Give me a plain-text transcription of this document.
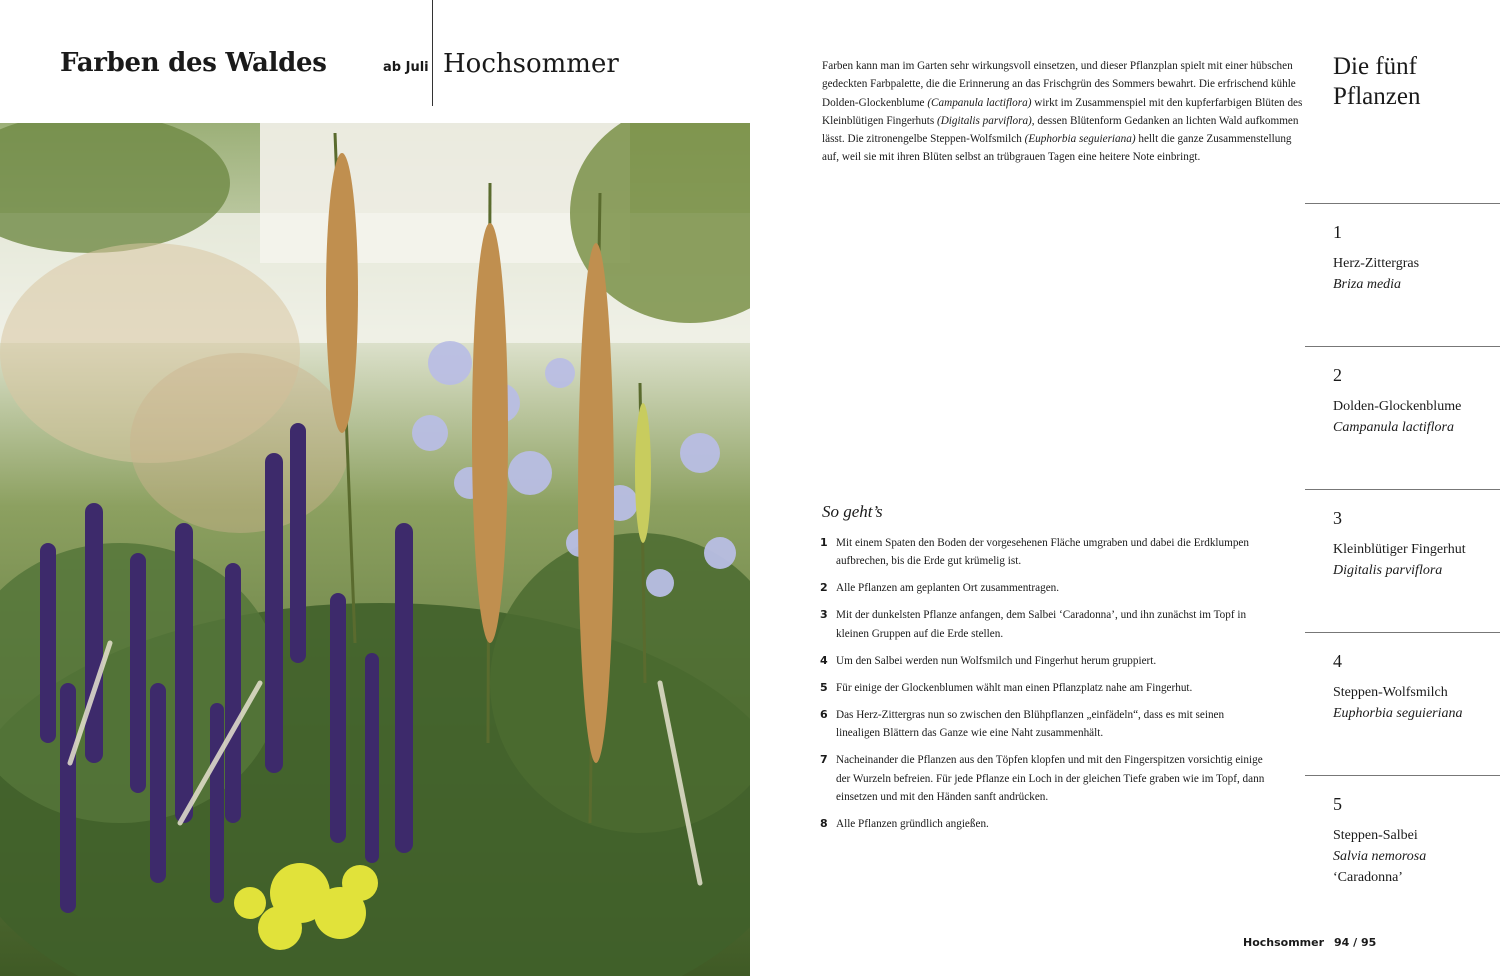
Farben des Waldes	ab Juli Hochsommer	Farben kann man im Garten sehr wirkungsvoll einsetzen, und dieser Pflanzplan spielt mit einer hübschen gedeckten Farbpalette, die die Erinnerung an das Frischgrün des Sommers bewahrt. Die erfrischend kühle Dolden-Glockenblume (Campanula lactiflora) wirkt im Zusammenspiel mit den kupferfarbigen Blüten des Kleinblütigen Fingerhuts (Digitalis parviflora), dessen Blütenform Gedanken an lichten Wald aufkommen lässt. Die zitronengelbe Steppen-Wolfsmilch (Euphorbia seguieriana) hellt die ganze Zusammenstellung auf, weil sie mit ihren Blüten selbst an trübgrauen Tagen eine heitere Note einbringt.

So geht’s
1 Mit einem Spaten den Boden der vorgesehenen Fläche umgraben und dabei die Erdklumpen aufbrechen, bis die Erde gut krümelig ist.
2 Alle Pflanzen am geplanten Ort zusammentragen.
3 Mit der dunkelsten Pflanze anfangen, dem Salbei ‘Caradonna’, und ihn zunächst im Topf in kleinen Gruppen auf die Erde stellen.
4 Um den Salbei werden nun Wolfsmilch und Fingerhut herum gruppiert.
5 Für einige der Glockenblumen wählt man einen Pflanzplatz nahe am Fingerhut.
6 Das Herz-Zittergras nun so zwischen den Blühpflanzen „einfädeln“, dass es mit seinen linealigen Blättern das Ganze wie eine Naht zusammenhält.
7 Nacheinander die Pflanzen aus den Töpfen klopfen und mit den Fingerspitzen vorsichtig einige der Wurzeln befreien. Für jede Pflanze ein Loch in der gleichen Tiefe graben wie im Topf, dann einsetzen und mit den Händen sanft andrücken.
8 Alle Pflanzen gründlich angießen.
Die fünf Pflanzen
1
Herz-Zittergras
Briza media
2
Dolden-Glockenblume
Campanula lactiflora
3
Kleinblütiger Fingerhut
Digitalis parviflora
4
Steppen-Wolfsmilch
Euphorbia seguieriana
5
Steppen-Salbei
Salvia nemorosa
‘Caradonna’
Hochsommer 94 / 95
